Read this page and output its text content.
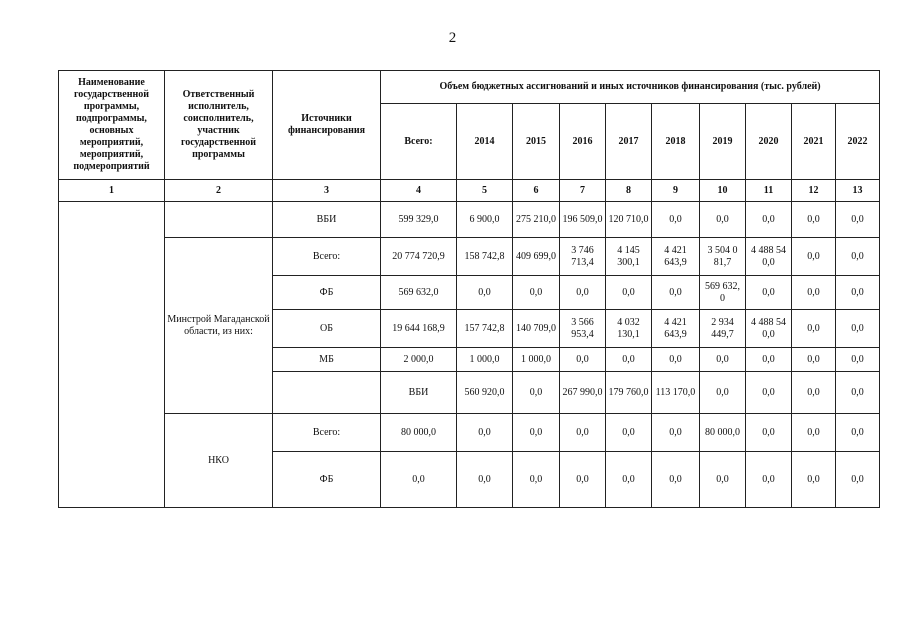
2
Наименование государственной программы, подпрограммы, основных мероприятий, мероприятий, подмероприятий	Ответственный исполнитель, соисполнитель, участник государственной программы	Источники финансирования	Объем бюджетных ассигнований и иных источников финансирования (тыс. рублей)										
			Всего:	2014	2015	2016	2017	2018	2019	2020	2021	2022	
1	2	3	4	5	6	7	8	9	10	11	12	13	
		ВБИ	599 329,0	6 900,0	275 210,0	196 509,0	120 710,0	0,0	0,0	0,0	0,0	0,0	
	Минстрой Магаданской области, из них:	Всего:	20 774 720,9	158 742,8	409 699,0	3 746 713,4	4 145 300,1	4 421 643,9	3 504 0 81,7	4 488 54 0,0	0,0	0,0	
		ФБ	569 632,0	0,0	0,0	0,0	0,0	0,0	569 632, 0	0,0	0,0	0,0	
		ОБ	19 644 168,9	157 742,8	140 709,0	3 566 953,4	4 032 130,1	4 421 643,9	2 934 449,7	4 488 54 0,0	0,0	0,0	
		МБ	2 000,0	1 000,0	1 000,0	0,0	0,0	0,0	0,0	0,0	0,0	0,0	
			ВБИ	560 920,0	0,0	267 990,0	179 760,0	113 170,0	0,0	0,0	0,0	0,0	
	НКО	Всего:	80 000,0	0,0	0,0	0,0	0,0	0,0	80 000,0	0,0	0,0	0,0	
		ФБ	0,0	0,0	0,0	0,0	0,0	0,0	0,0	0,0	0,0	0,0	
